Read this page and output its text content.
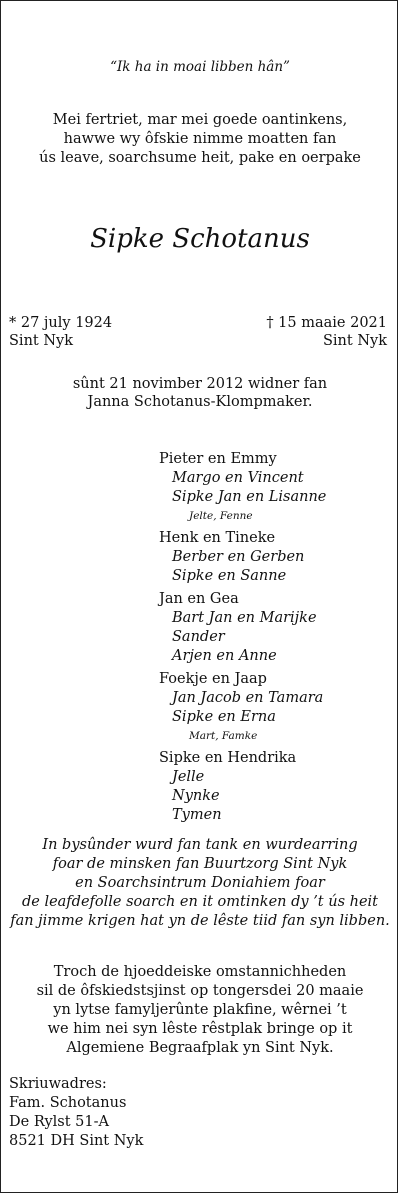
“Ik ha in moai libben hân”
Mei fertriet, mar mei goede oantinkens,
hawwe wy ôfskie nimme moatten fan
ús leave, soarchsume heit, pake en oerpake
Sipke Schotanus
* 27 july 1924
Sint Nyk
† 15 maaie 2021
Sint Nyk
sûnt 21 novimber 2012 widner fan
Janna Schotanus-Klompmaker.
Pieter en Emmy
Margo en Vincent
Sipke Jan en Lisanne
Jelte, Fenne
Henk en Tineke
Berber en Gerben
Sipke en Sanne
Jan en Gea
Bart Jan en Marijke
Sander
Arjen en Anne
Foekje en Jaap
Jan Jacob en Tamara
Sipke en Erna
Mart, Famke
Sipke en Hendrika
Jelle
Nynke
Tymen
In bysûnder wurd fan tank en wurdearring
foar de minsken fan Buurtzorg Sint Nyk
en Soarchsintrum Doniahiem foar
de leafdefolle soarch en it omtinken dy ’t ús heit
fan jimme krigen hat yn de lêste tiid fan syn libben.
Troch de hjoeddeiske omstannichheden
sil de ôfskiedstsjinst op tongersdei 20 maaie
yn lytse famyljerûnte plakfine, wêrnei ’t
we him nei syn lêste rêstplak bringe op it
Algemiene Begraafplak yn Sint Nyk.
Skriuwadres:
Fam. Schotanus
De Rylst 51-A
8521 DH Sint Nyk
